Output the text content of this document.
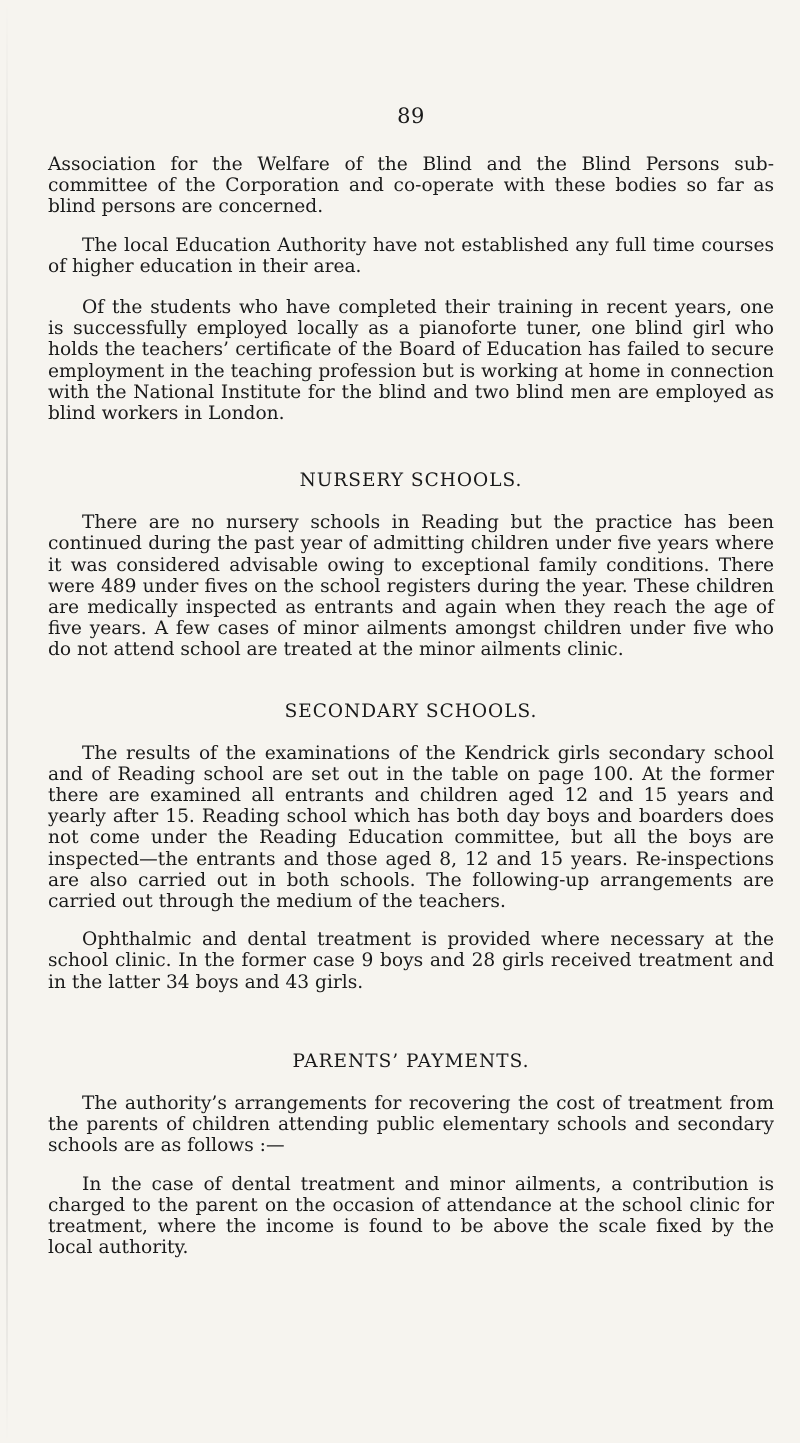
89

Association for the Welfare of the Blind and the Blind Persons sub-committee of the Corporation and co-operate with these bodies so far as blind persons are concerned.

The local Education Authority have not established any full time courses of higher education in their area.

Of the students who have completed their training in recent years, one is successfully employed locally as a pianoforte tuner, one blind girl who holds the teachers’ certificate of the Board of Education has failed to secure employment in the teaching profession but is working at home in connection with the National Institute for the blind and two blind men are employed as blind workers in London.

NURSERY SCHOOLS.

There are no nursery schools in Reading but the practice has been continued during the past year of admitting children under five years where it was considered advisable owing to exceptional family conditions. There were 489 under fives on the school registers during the year. These children are medically inspected as entrants and again when they reach the age of five years. A few cases of minor ailments amongst children under five who do not attend school are treated at the minor ailments clinic.

SECONDARY SCHOOLS.

The results of the examinations of the Kendrick girls secondary school and of Reading school are set out in the table on page 100. At the former there are examined all entrants and children aged 12 and 15 years and yearly after 15. Reading school which has both day boys and boarders does not come under the Reading Education committee, but all the boys are inspected—the entrants and those aged 8, 12 and 15 years. Re-inspections are also carried out in both schools. The following-up arrangements are carried out through the medium of the teachers.

Ophthalmic and dental treatment is provided where necessary at the school clinic. In the former case 9 boys and 28 girls received treatment and in the latter 34 boys and 43 girls.

PARENTS’ PAYMENTS.

The authority’s arrangements for recovering the cost of treatment from the parents of children attending public elementary schools and secondary schools are as follows :—

In the case of dental treatment and minor ailments, a contribution is charged to the parent on the occasion of attendance at the school clinic for treatment, where the income is found to be above the scale fixed by the local authority.
